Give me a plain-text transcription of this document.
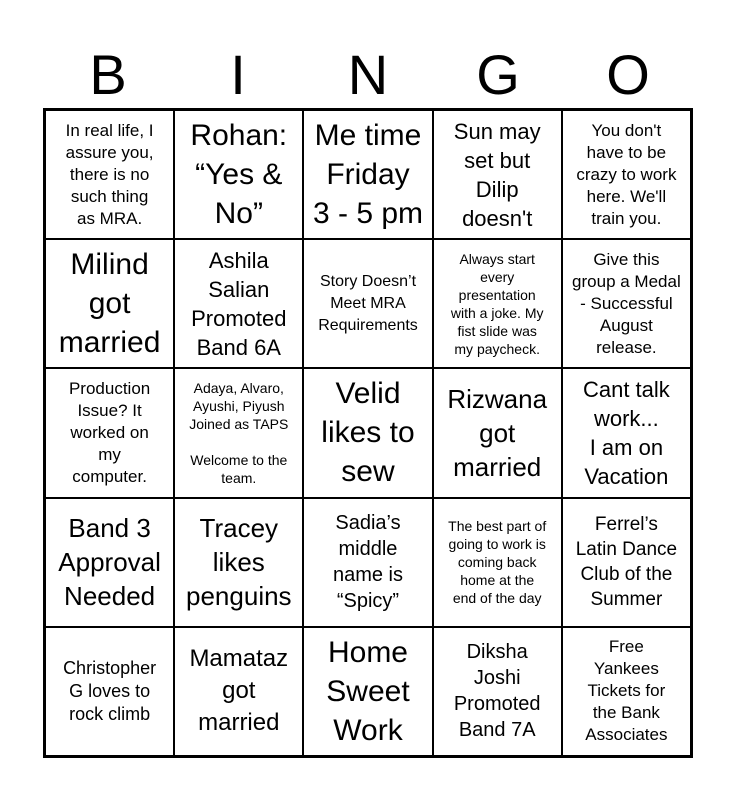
B	I	N	G	O
In real life, I
assure you,
there is no
such thing
as MRA.
Rohan:
“Yes &
No”
Me time
Friday
3 - 5 pm
Sun may
set but
Dilip
doesn't
You don't
have to be
crazy to work
here. We'll
train you.
Milind
got
married
Ashila
Salian
Promoted
Band 6A
Story Doesn’t
Meet MRA
Requirements
Always start
every
presentation
with a joke. My
fist slide was
my paycheck.
Give this
group a Medal
- Successful
August
release.
Production
Issue? It
worked on
my
computer.
Adaya, Alvaro,
Ayushi, Piyush
Joined as TAPS

Welcome to the
team.
Velid
likes to
sew
Rizwana
got
married
Cant talk
work...
I am on
Vacation
Band 3
Approval
Needed
Tracey
likes
penguins
Sadia’s
middle
name is
“Spicy”
The best part of
going to work is
coming back
home at the
end of the day
Ferrel’s
Latin Dance
Club of the
Summer
Christopher
G loves to
rock climb
Mamataz
got
married
Home
Sweet
Work
Diksha
Joshi
Promoted
Band 7A
Free
Yankees
Tickets for
the Bank
Associates
